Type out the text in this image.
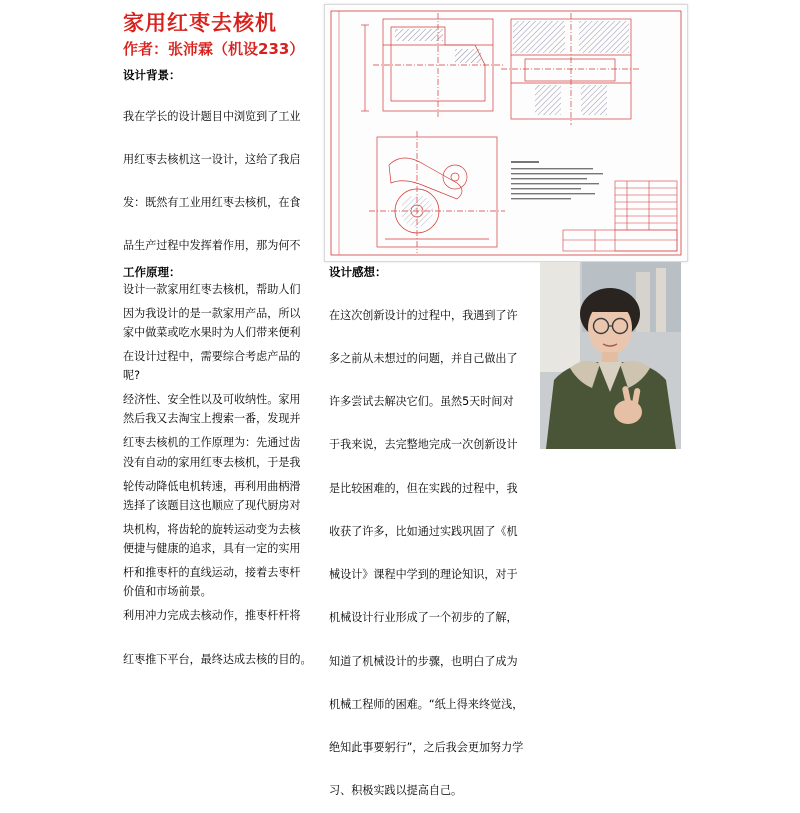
家用红枣去核机
作者：张沛霖（机设233）
设计背景：

我在学长的设计题目中浏览到了工业

用红枣去核机这一设计，这给了我启

发：既然有工业用红枣去核机，在食

品生产过程中发挥着作用，那为何不

设计一款家用红枣去核机，帮助人们

家中做菜或吃水果时为人们带来便利

呢?

然后我又去淘宝上搜索一番，发现并

没有自动的家用红枣去核机，于是我

选择了该题目这也顺应了现代厨房对

便捷与健康的追求，具有一定的实用

价值和市场前景。

工作原理：

因为我设计的是一款家用产品，所以

在设计过程中，需要综合考虑产品的

经济性、安全性以及可收纳性。家用

红枣去核机的工作原理为：先通过齿

轮传动降低电机转速，再利用曲柄滑

块机构，将齿轮的旋转运动变为去核

杆和推枣杆的直线运动，接着去枣杆

利用冲力完成去核动作，推枣杆杆将

红枣推下平台，最终达成去核的目的。

设计感想：

在这次创新设计的过程中，我遇到了许

多之前从未想过的问题，并自己做出了

许多尝试去解决它们。虽然5天时间对

于我来说，去完整地完成一次创新设计

是比较困难的，但在实践的过程中，我

收获了许多，比如通过实践巩固了《机

械设计》课程中学到的理论知识，对于

机械设计行业形成了一个初步的了解，

知道了机械设计的步骤，也明白了成为

机械工程师的困难。“纸上得来终觉浅，

绝知此事要躬行”，之后我会更加努力学

习、积极实践以提高自己。
